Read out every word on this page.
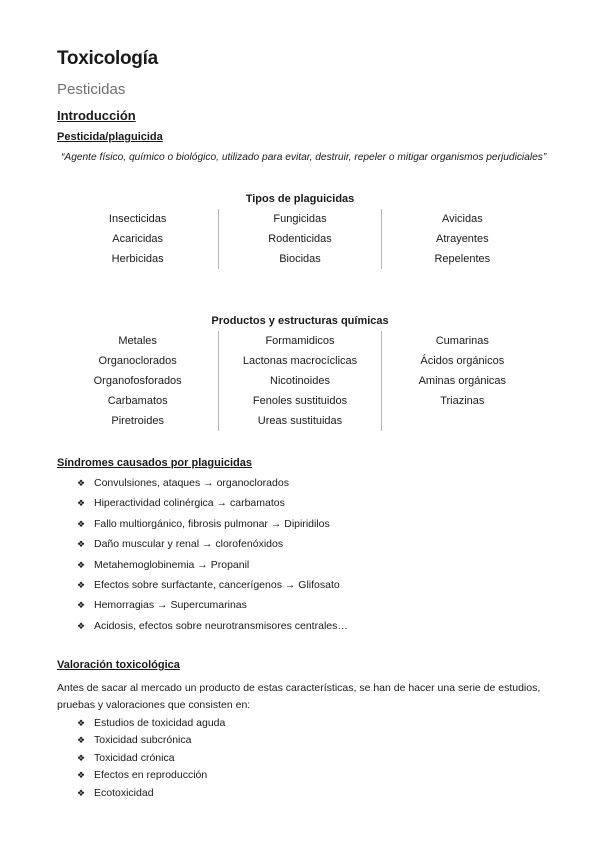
Toxicología
Pesticidas
Introducción
Pesticida/plaguicida
“Agente físico, químico o biológico, utilizado para evitar, destruir, repeler o mitigar organismos perjudiciales”
Tipos de plaguicidas
Insecticidas
Acaricidas
Herbicidas
Fungicidas
Rodenticidas
Biocidas
Avicidas
Atrayentes
Repelentes
Productos y estructuras químicas
Metales
Organoclorados
Organofosforados
Carbamatos
Piretroides
Formamidicos
Lactonas macrocíclicas
Nicotinoides
Fenoles sustituidos
Ureas sustituidas
Cumarinas
Ácidos orgánicos
Aminas orgánicas
Triazinas
Síndromes causados por plaguicidas
❖ Convulsiones, ataques → organoclorados
❖ Hiperactividad colinérgica → carbamatos
❖ Fallo multiorgánico, fibrosis pulmonar → Dipiridilos
❖ Daño muscular y renal → clorofenóxidos
❖ Metahemoglobinemia → Propanil
❖ Efectos sobre surfactante, cancerígenos → Glifosato
❖ Hemorragias → Supercumarinas
❖ Acidosis, efectos sobre neurotransmisores centrales…
Valoración toxicológica
Antes de sacar al mercado un producto de estas características, se han de hacer una serie de estudios, pruebas y valoraciones que consisten en:
❖ Estudios de toxicidad aguda
❖ Toxicidad subcrónica
❖ Toxicidad crónica
❖ Efectos en reproducción
❖ Ecotoxicidad
